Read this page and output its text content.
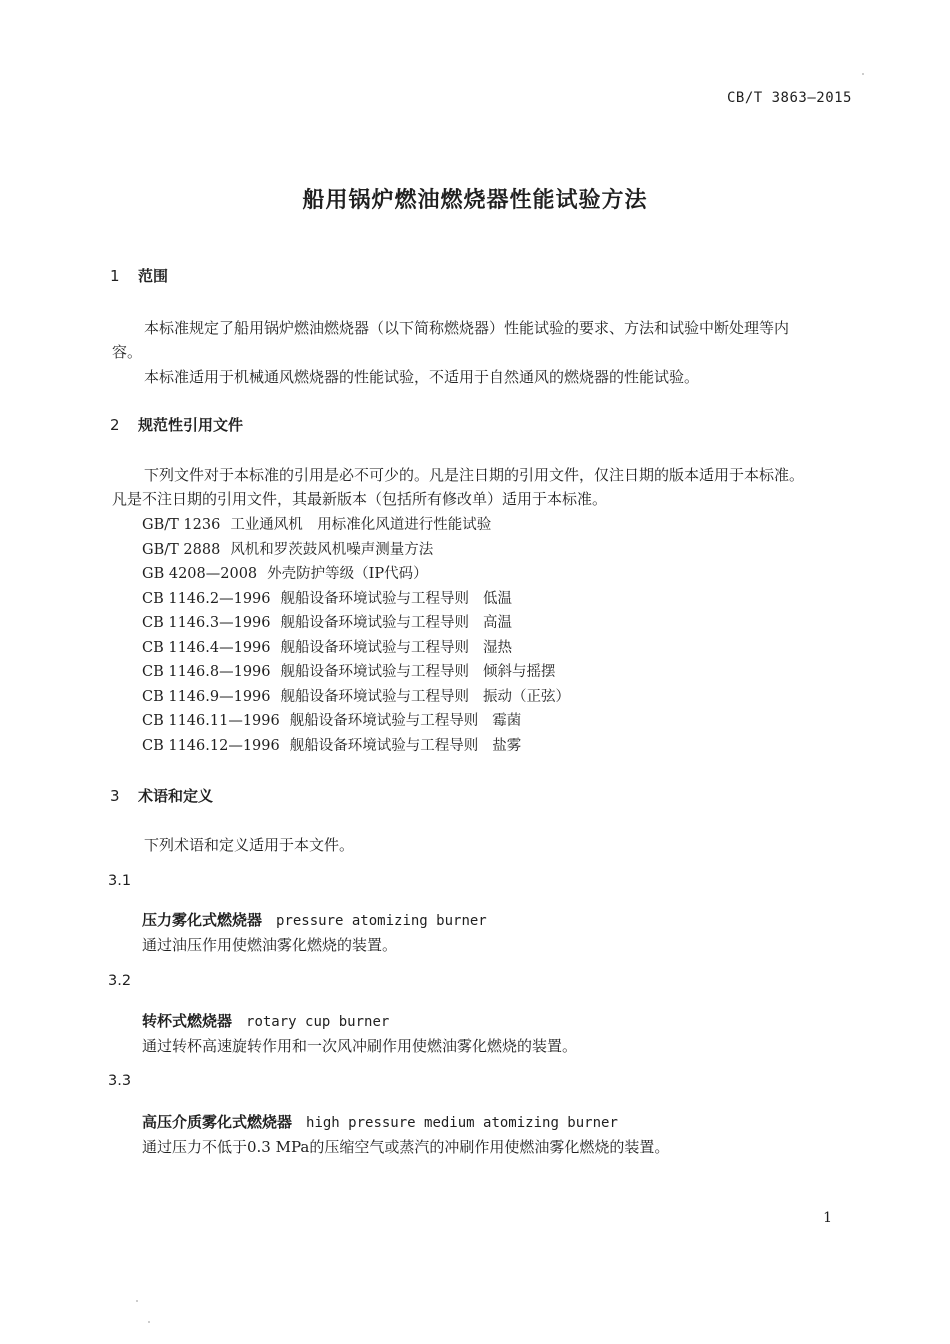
CB/T 3863—2015
船用锅炉燃油燃烧器性能试验方法
1 范围
本标准规定了船用锅炉燃油燃烧器（以下简称燃烧器）性能试验的要求、方法和试验中断处理等内
容。
本标准适用于机械通风燃烧器的性能试验，不适用于自然通风的燃烧器的性能试验。
2 规范性引用文件
下列文件对于本标准的引用是必不可少的。凡是注日期的引用文件，仅注日期的版本适用于本标准。
凡是不注日期的引用文件，其最新版本（包括所有修改单）适用于本标准。
GB/T 1236 工业通风机　用标准化风道进行性能试验
GB/T 2888 风机和罗茨鼓风机噪声测量方法
GB 4208—2008 外壳防护等级（IP代码）
CB 1146.2—1996 舰船设备环境试验与工程导则 低温
CB 1146.3—1996 舰船设备环境试验与工程导则 高温
CB 1146.4—1996 舰船设备环境试验与工程导则 湿热
CB 1146.8—1996 舰船设备环境试验与工程导则 倾斜与摇摆
CB 1146.9—1996 舰船设备环境试验与工程导则 振动（正弦）
CB 1146.11—1996 舰船设备环境试验与工程导则 霉菌
CB 1146.12—1996 舰船设备环境试验与工程导则 盐雾
3 术语和定义
下列术语和定义适用于本文件。
3.1
压力雾化式燃烧器 pressure atomizing burner
通过油压作用使燃油雾化燃烧的装置。
3.2
转杯式燃烧器 rotary cup burner
通过转杯高速旋转作用和一次风冲刷作用使燃油雾化燃烧的装置。
3.3
高压介质雾化式燃烧器 high pressure medium atomizing burner
通过压力不低于0.3 MPa的压缩空气或蒸汽的冲刷作用使燃油雾化燃烧的装置。
1
